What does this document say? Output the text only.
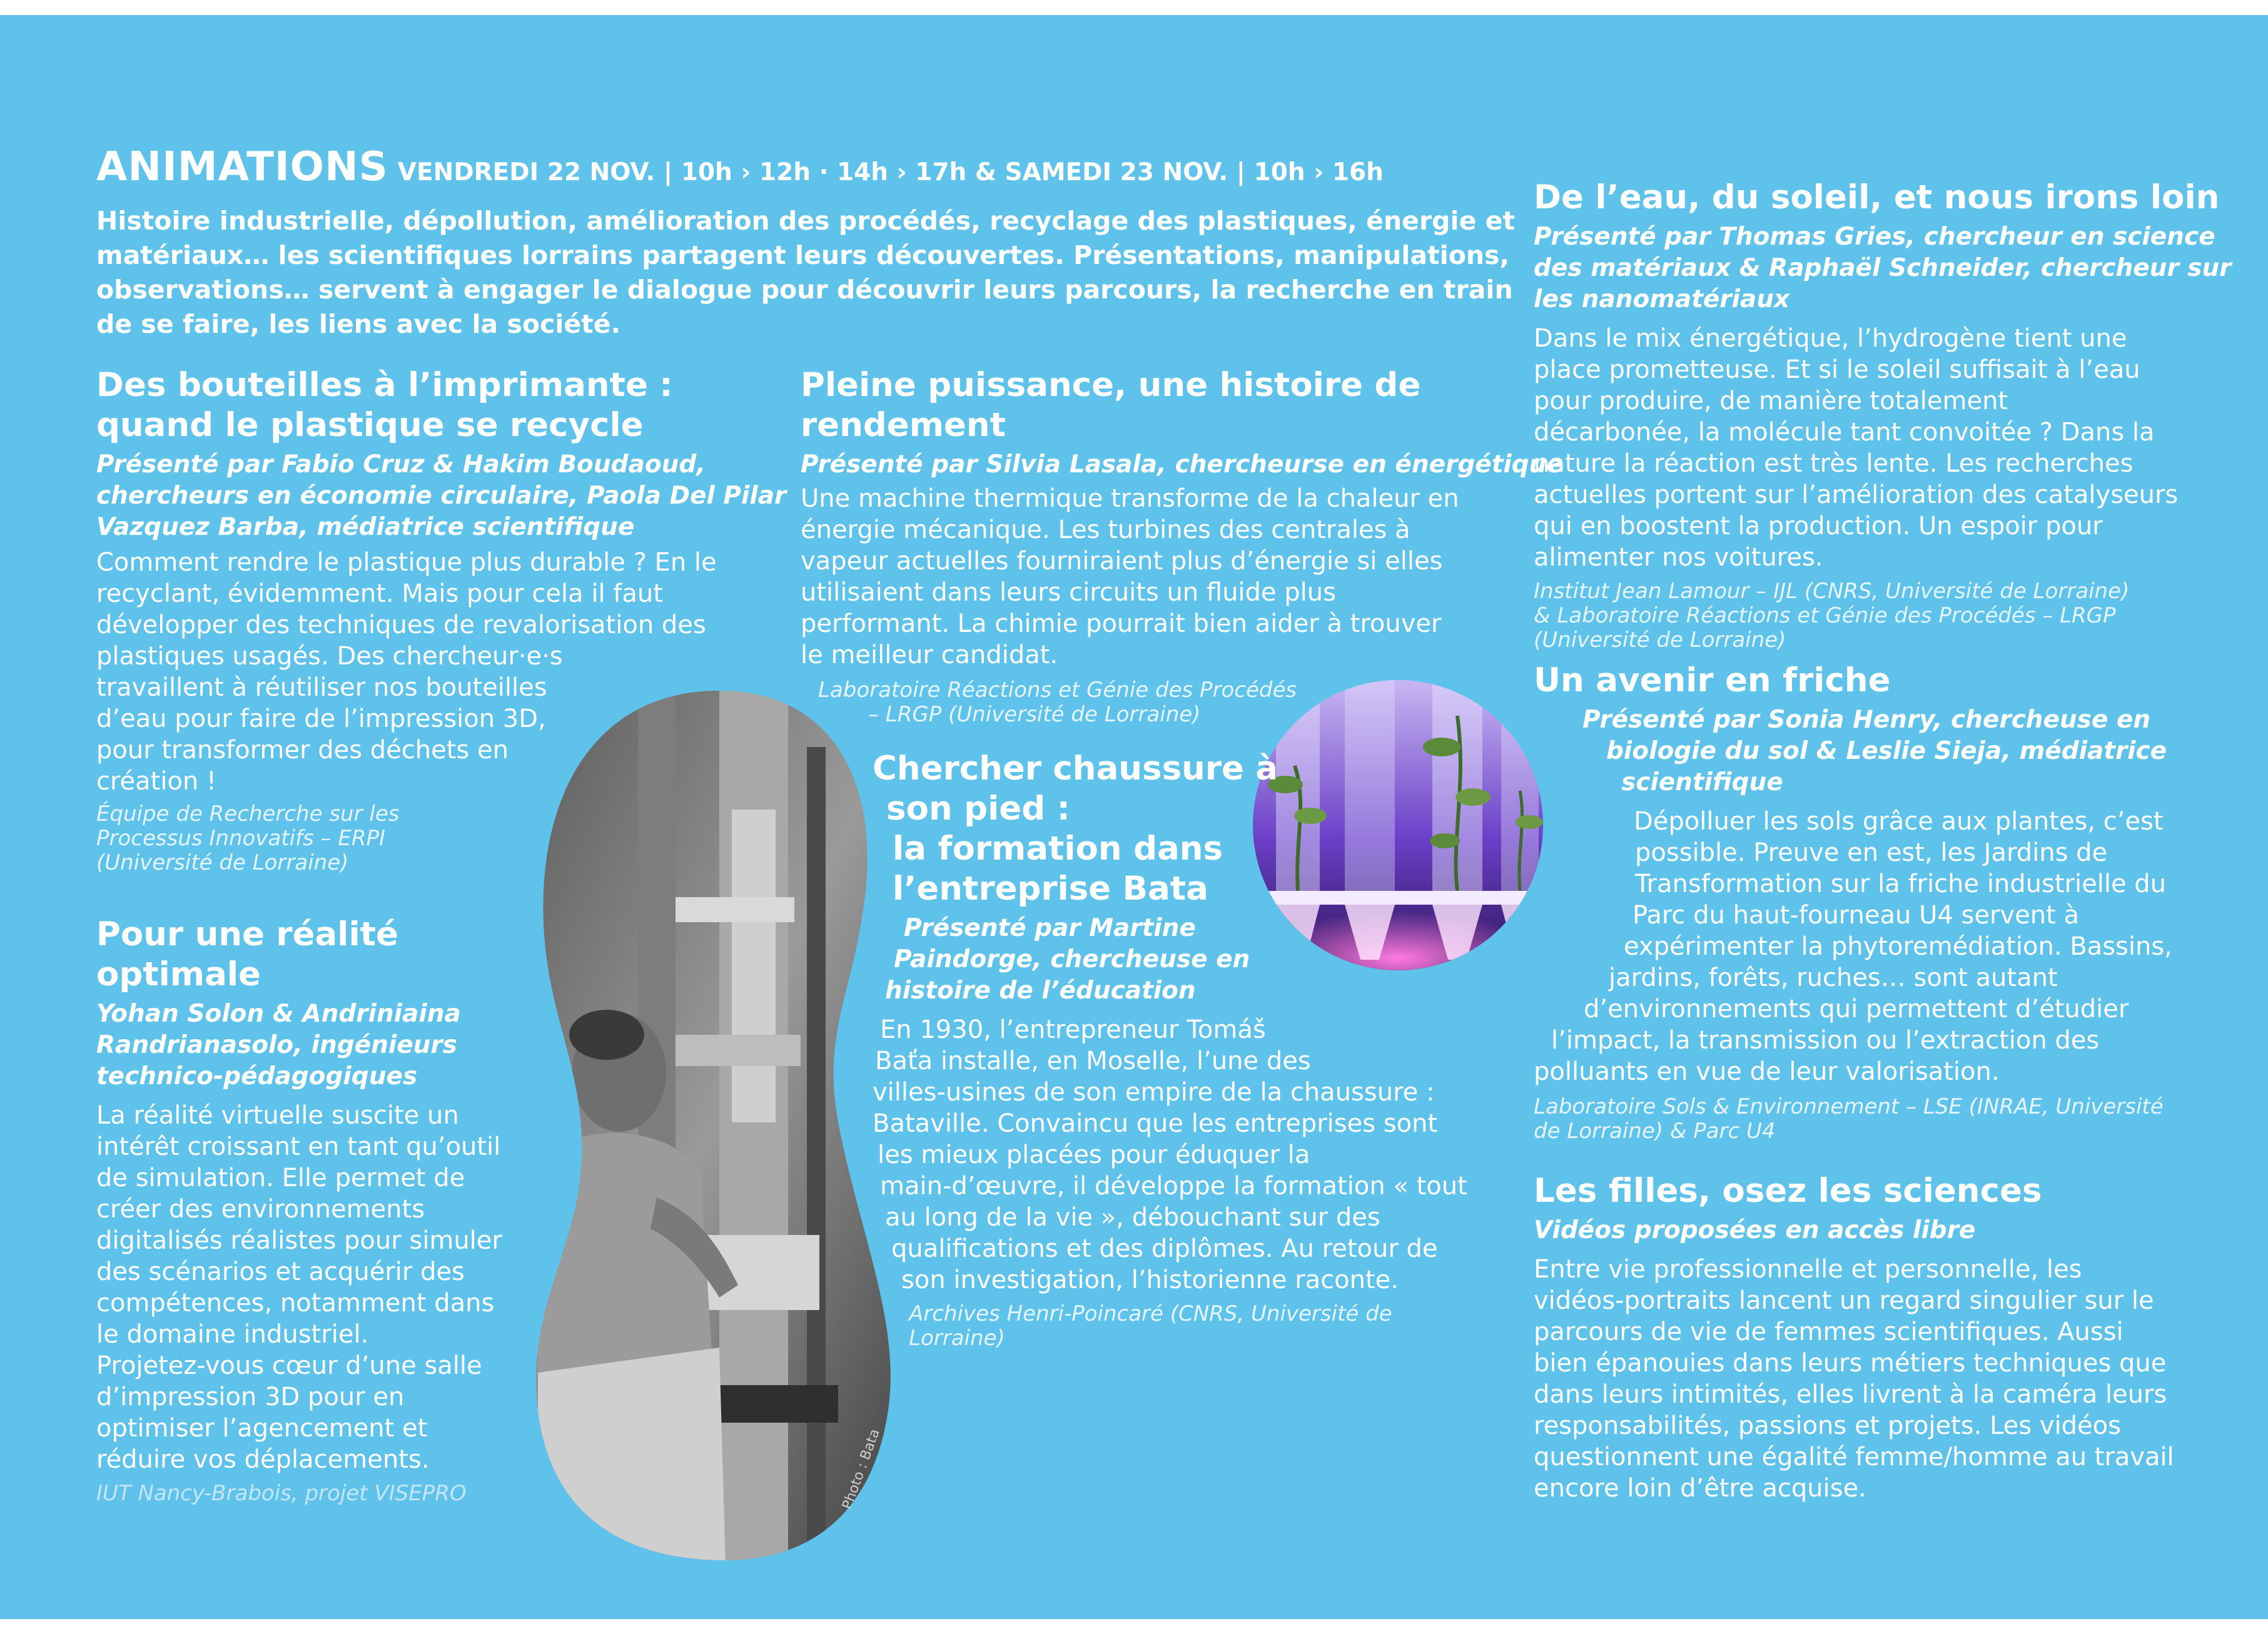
ANIMATIONS VENDREDI 22 NOV. | 10h › 12h · 14h › 17h & SAMEDI 23 NOV. | 10h › 16h
Histoire industrielle, dépollution, amélioration des procédés, recyclage des plastiques, énergie et
matériaux… les scientifiques lorrains partagent leurs découvertes. Présentations, manipulations,
observations… servent à engager le dialogue pour découvrir leurs parcours, la recherche en train
de se faire, les liens avec la société.
Photo : Bata
Des bouteilles à l’imprimante :
quand le plastique se recycle
Présenté par Fabio Cruz & Hakim Boudaoud,
chercheurs en économie circulaire, Paola Del Pilar
Vazquez Barba, médiatrice scientifique
Comment rendre le plastique plus durable ? En le
recyclant, évidemment. Mais pour cela il faut
développer des techniques de revalorisation des
plastiques usagés. Des chercheur·e·s
travaillent à réutiliser nos bouteilles
d’eau pour faire de l’impression 3D,
pour transformer des déchets en
création !
Équipe de Recherche sur les
Processus Innovatifs – ERPI
(Université de Lorraine)
Pour une réalité
optimale
Yohan Solon & Andriniaina
Randrianasolo, ingénieurs
technico-pédagogiques
La réalité virtuelle suscite un
intérêt croissant en tant qu’outil
de simulation. Elle permet de
créer des environnements
digitalisés réalistes pour simuler
des scénarios et acquérir des
compétences, notamment dans
le domaine industriel.
Projetez-vous cœur d’une salle
d’impression 3D pour en
optimiser l’agencement et
réduire vos déplacements.
IUT Nancy-Brabois, projet VISEPRO
Pleine puissance, une histoire de
rendement
Présenté par Silvia Lasala, chercheurse en énergétique
Une machine thermique transforme de la chaleur en
énergie mécanique. Les turbines des centrales à
vapeur actuelles fourniraient plus d’énergie si elles
utilisaient dans leurs circuits un fluide plus
performant. La chimie pourrait bien aider à trouver
le meilleur candidat.
Laboratoire Réactions et Génie des Procédés
– LRGP (Université de Lorraine)
Chercher chaussure à
son pied :
la formation dans
l’entreprise Bata
Présenté par Martine
Paindorge, chercheuse en
histoire de l’éducation
En 1930, l’entrepreneur Tomáš
Baťa installe, en Moselle, l’une des
villes-usines de son empire de la chaussure :
Bataville. Convaincu que les entreprises sont
les mieux placées pour éduquer la
main-d’œuvre, il développe la formation « tout
au long de la vie », débouchant sur des
qualifications et des diplômes. Au retour de
son investigation, l’historienne raconte.
Archives Henri-Poincaré (CNRS, Université de
Lorraine)
De l’eau, du soleil, et nous irons loin
Présenté par Thomas Gries, chercheur en science
des matériaux & Raphaël Schneider, chercheur sur
les nanomatériaux
Dans le mix énergétique, l’hydrogène tient une
place prometteuse. Et si le soleil suffisait à l’eau
pour produire, de manière totalement
décarbonée, la molécule tant convoitée ? Dans la
nature la réaction est très lente. Les recherches
actuelles portent sur l’amélioration des catalyseurs
qui en boostent la production. Un espoir pour
alimenter nos voitures.
Institut Jean Lamour – IJL (CNRS, Université de Lorraine)
& Laboratoire Réactions et Génie des Procédés – LRGP
(Université de Lorraine)
Un avenir en friche
Présenté par Sonia Henry, chercheuse en
biologie du sol & Leslie Sieja, médiatrice
scientifique
Dépolluer les sols grâce aux plantes, c’est
possible. Preuve en est, les Jardins de
Transformation sur la friche industrielle du
Parc du haut-fourneau U4 servent à
expérimenter la phytoremédiation. Bassins,
jardins, forêts, ruches… sont autant
d’environnements qui permettent d’étudier
l’impact, la transmission ou l’extraction des
polluants en vue de leur valorisation.
Laboratoire Sols & Environnement – LSE (INRAE, Université
de Lorraine) & Parc U4
Les filles, osez les sciences
Vidéos proposées en accès libre
Entre vie professionnelle et personnelle, les
vidéos-portraits lancent un regard singulier sur le
parcours de vie de femmes scientifiques. Aussi
bien épanouies dans leurs métiers techniques que
dans leurs intimités, elles livrent à la caméra leurs
responsabilités, passions et projets. Les vidéos
questionnent une égalité femme/homme au travail
encore loin d’être acquise.
